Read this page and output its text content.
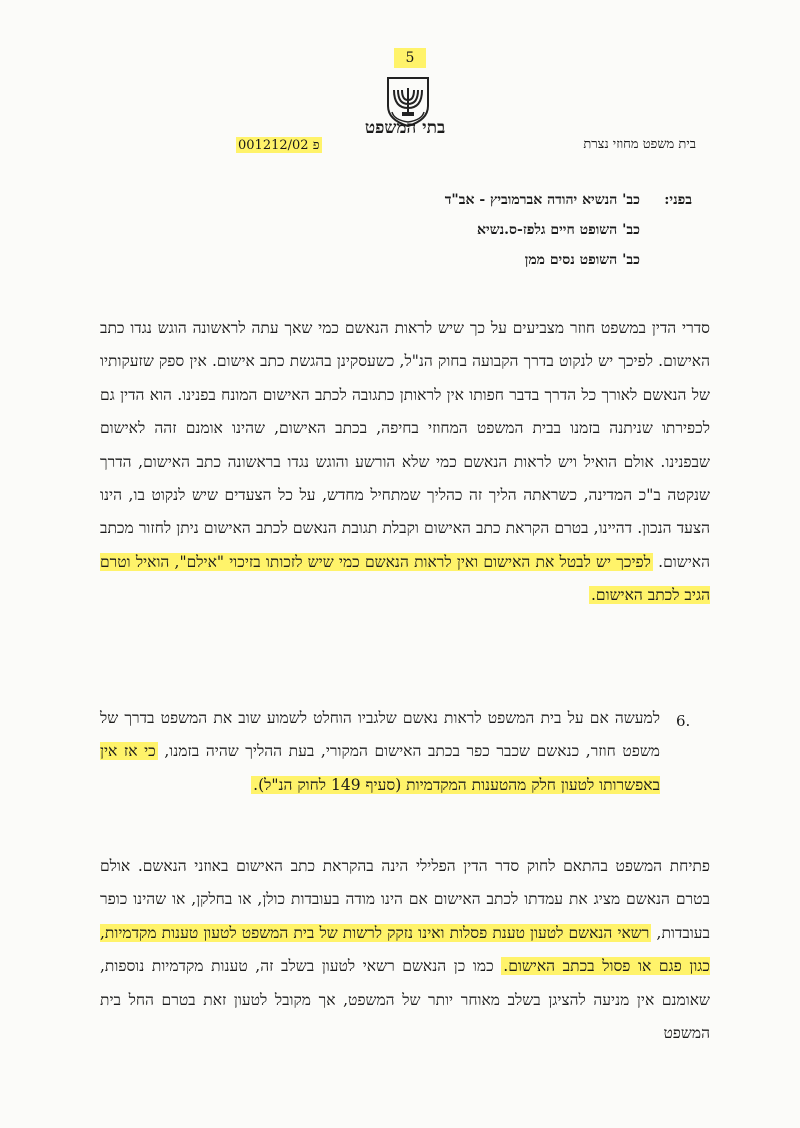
5
בתי המשפט
בית משפט מחוזי נצרת
פ 001212/02
בפני:
כב' הנשיא יהודה אברמוביץ - אב"ד
כב' השופט חיים גלפז-ס.נשיא
כב' השופט נסים ממן
סדרי הדין במשפט חוזר מצביעים על כך שיש לראות הנאשם כמי שאך עתה לראשונה הוגש נגדו כתב האישום. לפיכך יש לנקוט בדרך הקבועה בחוק הנ"ל, כשעסקינן בהגשת כתב אישום. אין ספק שזעקותיו של הנאשם לאורך כל הדרך בדבר חפותו אין לראותן כתגובה לכתב האישום המונח בפנינו. הוא הדין גם לכפירתו שניתנה בזמנו בבית המשפט המחוזי בחיפה, בכתב האישום, שהינו אומנם זהה לאישום שבפנינו. אולם הואיל ויש לראות הנאשם כמי שלא הורשע והוגש נגדו בראשונה כתב האישום, הדרך שנקטה ב"כ המדינה, כשראתה הליך זה כהליך שמתחיל מחדש, על כל הצעדים שיש לנקוט בו, הינו הצעד הנכון. דהיינו, בטרם הקראת כתב האישום וקבלת תגובת הנאשם לכתב האישום ניתן לחזור מכתב האישום. לפיכך יש לבטל את האישום ואין לראות הנאשם כמי שיש לזכותו בזיכוי "אילם", הואיל וטרם הגיב לכתב האישום.
6.
למעשה אם על בית המשפט לראות נאשם שלגביו הוחלט לשמוע שוב את המשפט בדרך של משפט חוזר, כנאשם שכבר כפר בכתב האישום המקורי, בעת ההליך שהיה בזמנו, כי אז אין באפשרותו לטעון חלק מהטענות המקדמיות (סעיף 149 לחוק הנ"ל).
פתיחת המשפט בהתאם לחוק סדר הדין הפלילי הינה בהקראת כתב האישום באוזני הנאשם. אולם בטרם הנאשם מציג את עמדתו לכתב האישום אם הינו מודה בעובדות כולן, או בחלקן, או שהינו כופר בעובדות, רשאי הנאשם לטעון טענת פסלות ואינו נזקק לרשות של בית המשפט לטעון טענות מקדמיות, כגון פגם או פסול בכתב האישום. כמו כן הנאשם רשאי לטעון בשלב זה, טענות מקדמיות נוספות, שאומנם אין מניעה להציגן בשלב מאוחר יותר של המשפט, אך מקובל לטעון זאת בטרם החל בית המשפט
